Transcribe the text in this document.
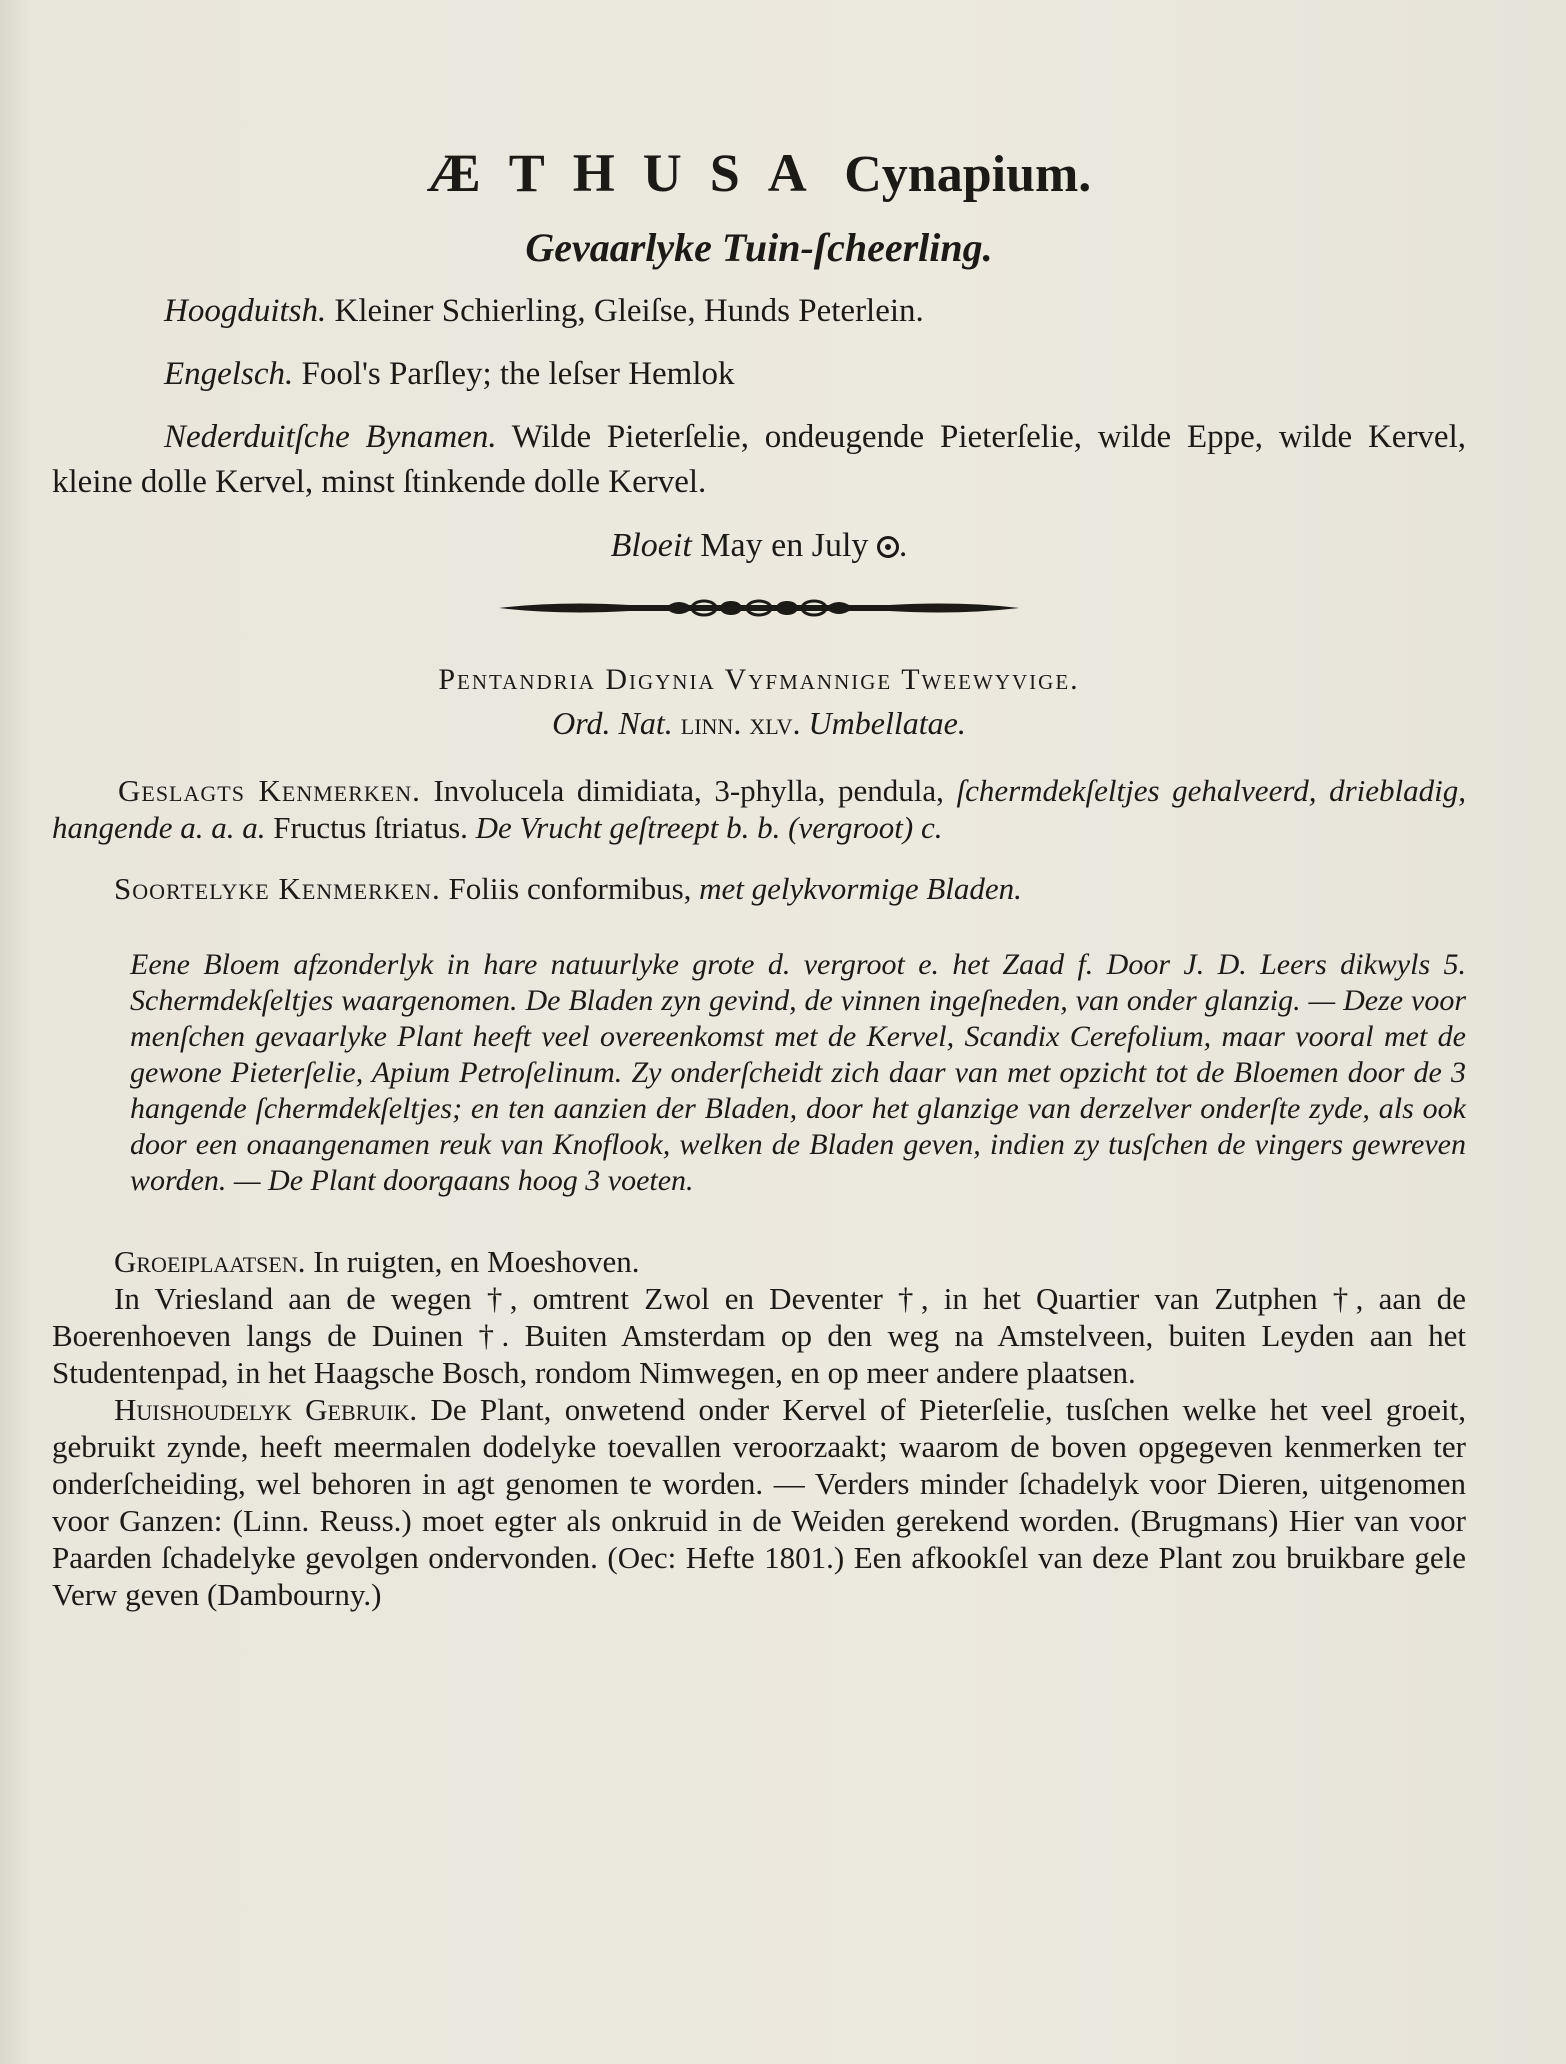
ÆTHUSA Cynapium.
Gevaarlyke Tuin-ſcheerling.

Hoogduitsh. Kleiner Schierling, Gleiſse, Hunds Peterlein.

Engelsch. Fool's Parſley; the leſser Hemlok

Nederduitſche Bynamen. Wilde Pieterſelie, ondeugende Pieterſelie, wilde Eppe, wilde Kervel, kleine dolle Kervel, minst ſtinkende dolle Kervel.

Bloeit May en July .
Pentandria Digynia Vyfmannige Tweewyvige.
Ord. Nat. linn. xlv. Umbellatae.

Geslagts Kenmerken. Involucela dimidiata, 3-phylla, pendula, ſchermdekſeltjes gehalveerd, driebladig, hangende a. a. a. Fructus ſtriatus. De Vrucht geſtreept b. b. (vergroot) c.

Soortelyke Kenmerken. Foliis conformibus, met gelykvormige Bladen.

Eene Bloem afzonderlyk in hare natuurlyke grote d. vergroot e. het Zaad f. Door J. D. Leers dikwyls 5. Schermdekſeltjes waargenomen. De Bladen zyn gevind, de vinnen ingeſneden, van onder glanzig. — Deze voor menſchen gevaarlyke Plant heeft veel overeenkomst met de Kervel, Scandix Cerefolium, maar vooral met de gewone Pieterſelie, Apium Petroſelinum. Zy onderſcheidt zich daar van met opzicht tot de Bloemen door de 3 hangende ſchermdekſeltjes; en ten aanzien der Bladen, door het glanzige van derzelver onderſte zyde, als ook door een onaangenamen reuk van Knoflook, welken de Bladen geven, indien zy tusſchen de vingers gewreven worden. — De Plant doorgaans hoog 3 voeten.

Groeiplaatsen. In ruigten, en Moeshoven.

In Vriesland aan de wegen †, omtrent Zwol en Deventer †, in het Quartier van Zutphen †, aan de Boerenhoeven langs de Duinen †. Buiten Amsterdam op den weg na Amstelveen, buiten Leyden aan het Studentenpad, in het Haagsche Bosch, rondom Nimwegen, en op meer andere plaatsen.

Huishoudelyk Gebruik. De Plant, onwetend onder Kervel of Pieterſelie, tusſchen welke het veel groeit, gebruikt zynde, heeft meermalen dodelyke toevallen veroorzaakt; waarom de boven opgegeven kenmerken ter onderſcheiding, wel behoren in agt genomen te worden. — Verders minder ſchadelyk voor Dieren, uitgenomen voor Ganzen: (Linn. Reuss.) moet egter als onkruid in de Weiden gerekend worden. (Brugmans) Hier van voor Paarden ſchadelyke gevolgen ondervonden. (Oec: Hefte 1801.) Een afkookſel van deze Plant zou bruikbare gele Verw geven (Dambourny.)
